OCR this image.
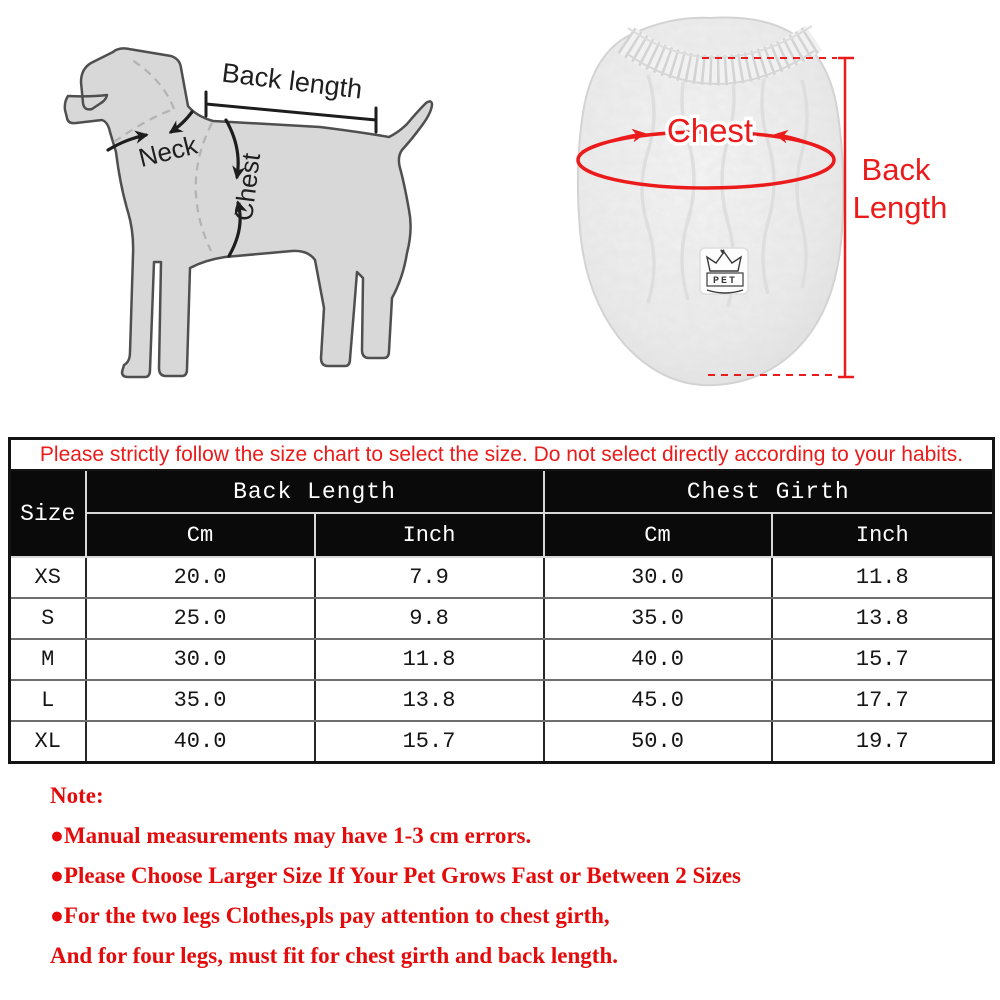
Back length
Neck
Chest
♥
PET
Chest
Back
Length
Please strictly follow the size chart to select the size. Do not select directly according to your habits.				
Size	Back Length		Chest Girth	
	Cm	Inch	Cm	Inch
XS	20.0	7.9	30.0	11.8
S	25.0	9.8	35.0	13.8
M	30.0	11.8	40.0	15.7
L	35.0	13.8	45.0	17.7
XL	40.0	15.7	50.0	19.7
Note:
●Manual measurements may have 1-3 cm errors.
●Please Choose Larger Size If Your Pet Grows Fast or Between 2 Sizes
●For the two legs Clothes,pls pay attention to chest girth,
And for four legs, must fit for chest girth and back length.
